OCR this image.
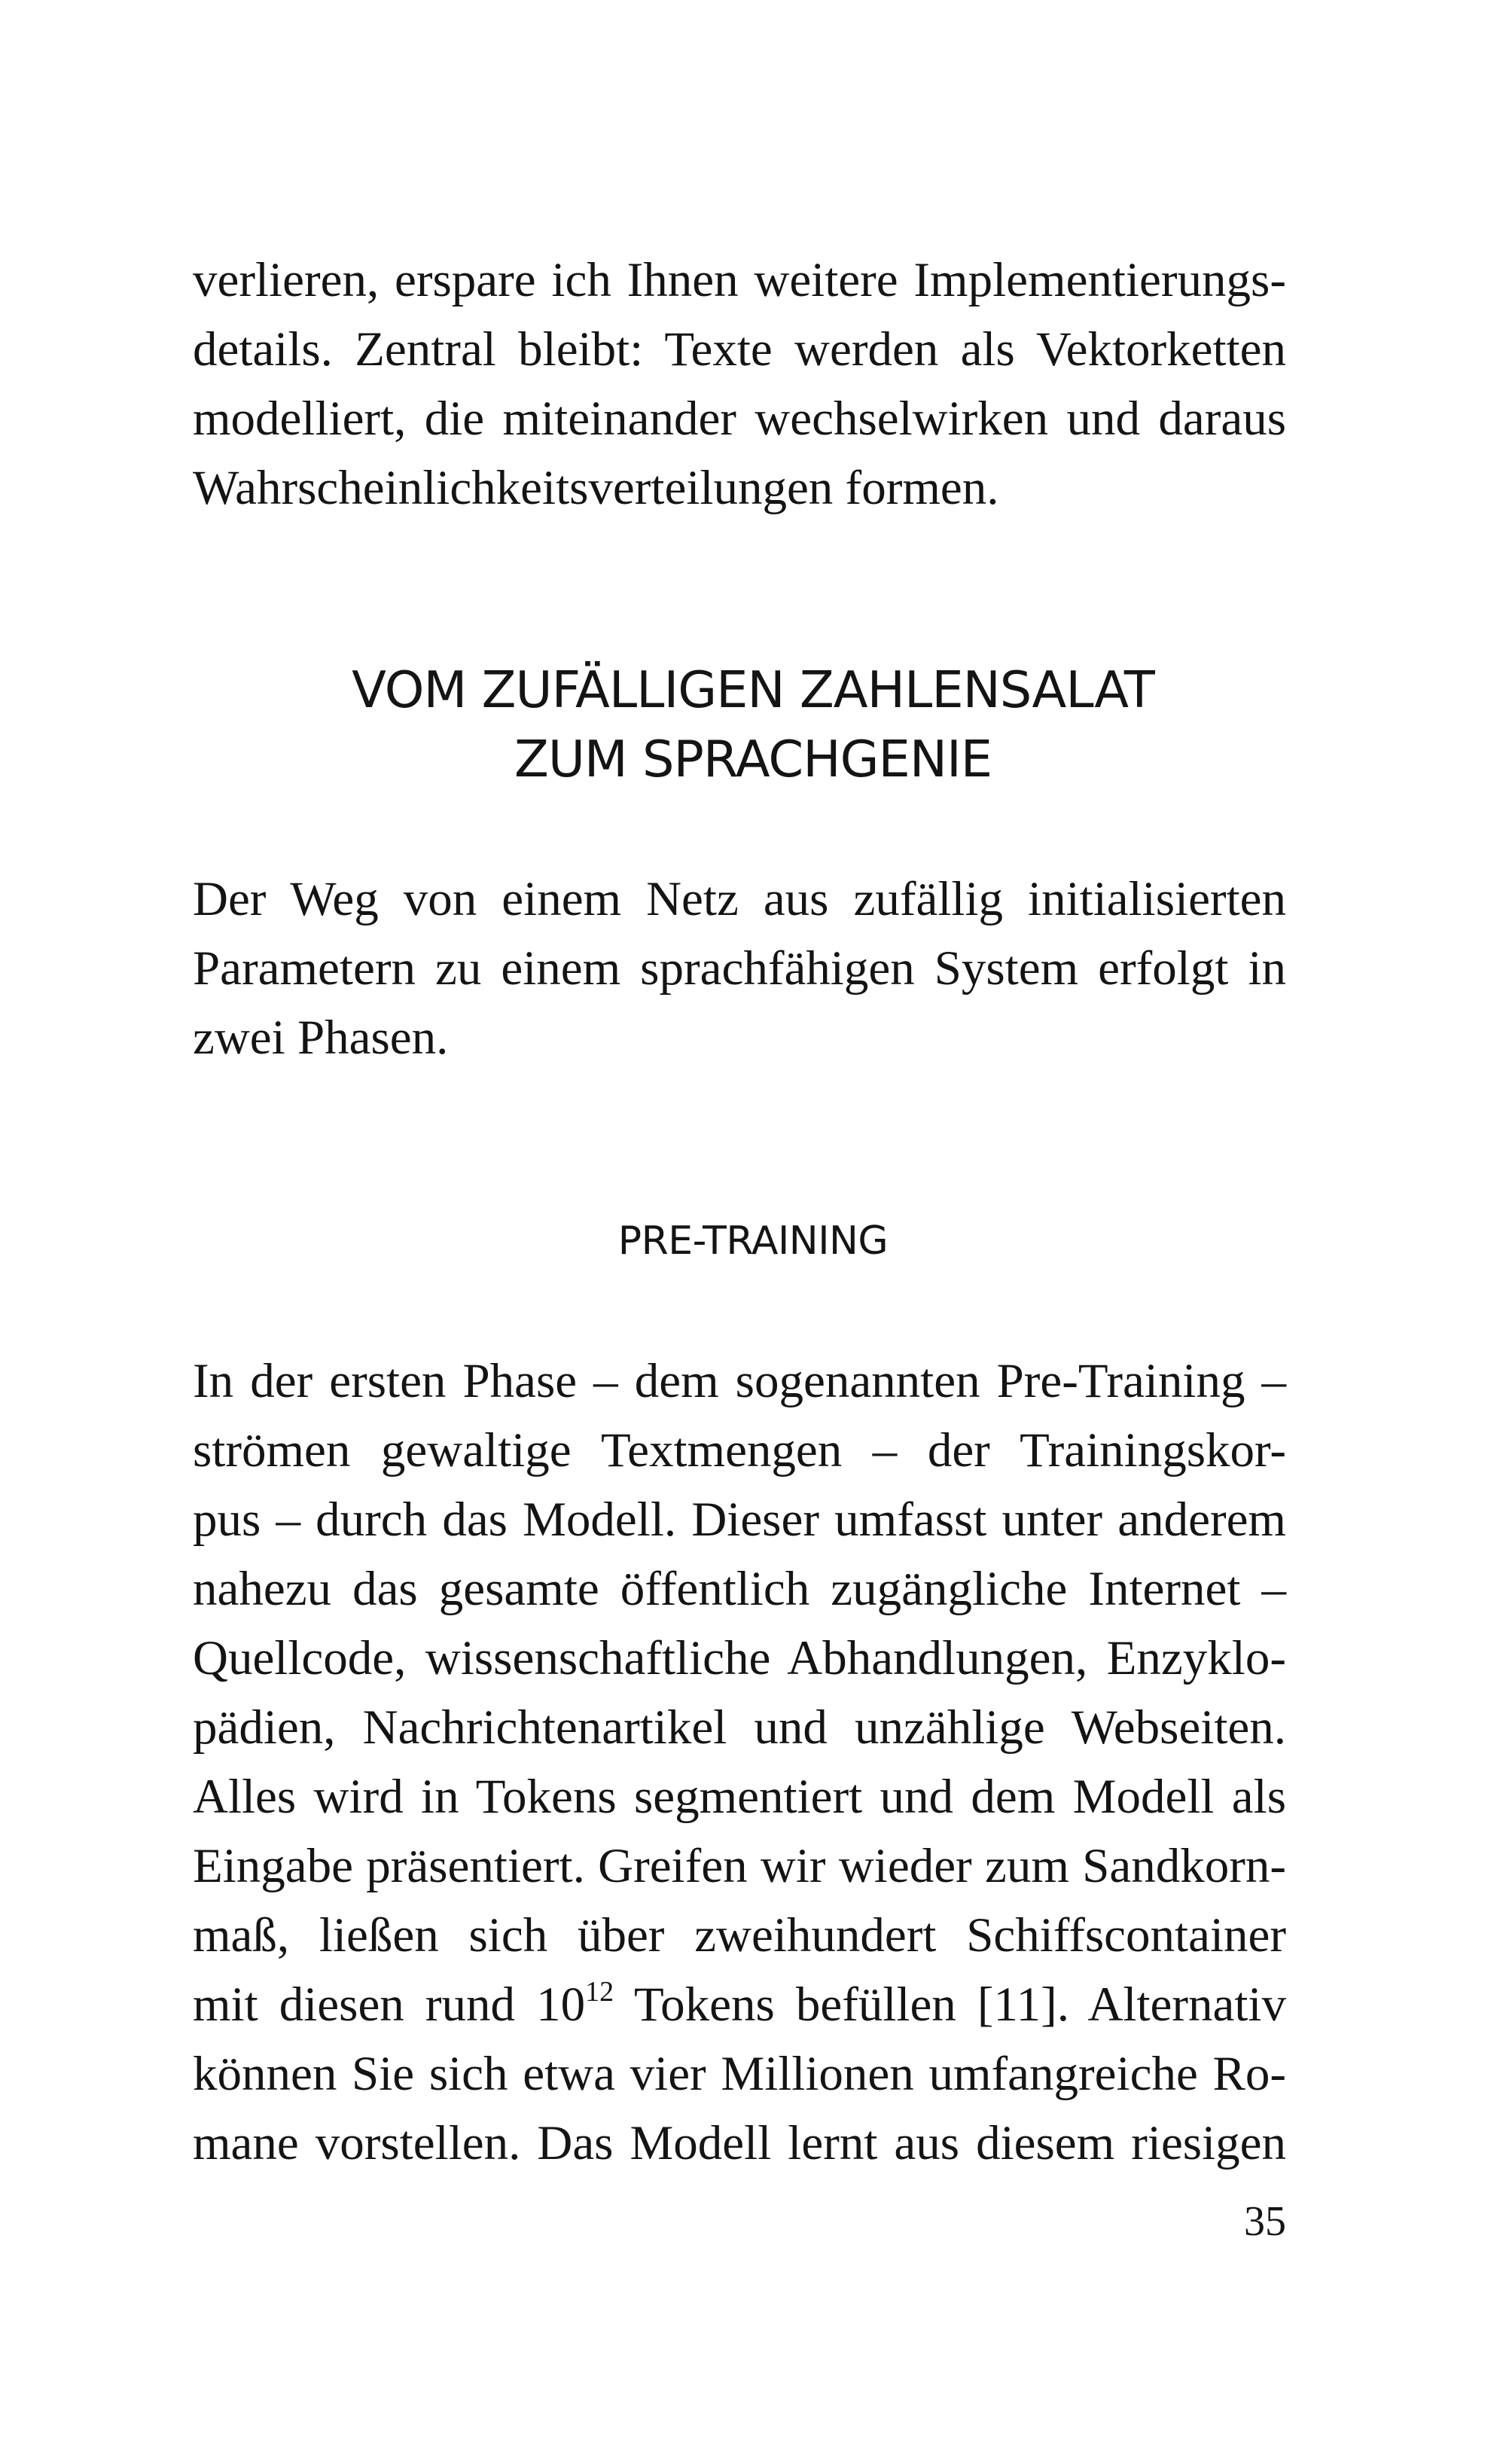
verlieren, erspare ich Ihnen weitere Implementierungs-
details. Zentral bleibt: Texte werden als Vektorketten
modelliert, die miteinander wechselwirken und daraus
Wahrscheinlichkeitsverteilungen formen.
VOM ZUFÄLLIGEN ZAHLENSALAT
ZUM SPRACHGENIE
Der Weg von einem Netz aus zufällig initialisierten
Parametern zu einem sprachfähigen System erfolgt in
zwei Phasen.
PRE-TRAINING
In der ersten Phase – dem sogenannten Pre-Training –
strömen gewaltige Textmengen – der Trainingskor-
pus – durch das Modell. Dieser umfasst unter anderem
nahezu das gesamte öffentlich zugängliche Internet –
Quellcode, wissenschaftliche Abhandlungen, Enzyklo-
pädien, Nachrichtenartikel und unzählige Webseiten.
Alles wird in Tokens segmentiert und dem Modell als
Eingabe präsentiert. Greifen wir wieder zum Sandkorn-
maß, ließen sich über zweihundert Schiffscontainer
mit diesen rund $10^{12}$ Tokens befüllen [11]. Alternativ
können Sie sich etwa vier Millionen umfangreiche Ro-
mane vorstellen. Das Modell lernt aus diesem riesigen
35
